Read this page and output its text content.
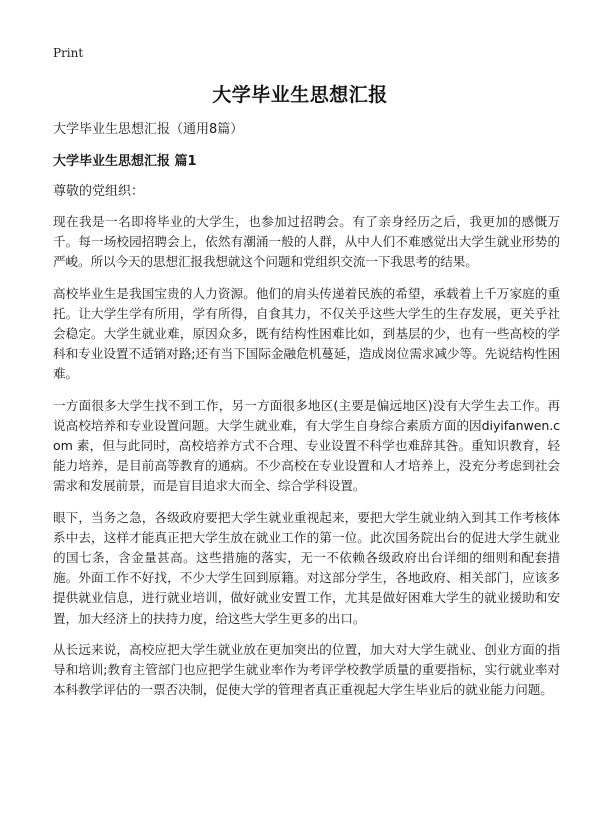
Print
大学毕业生思想汇报

大学毕业生思想汇报（通用8篇）

大学毕业生思想汇报 篇1

尊敬的党组织：

现在我是一名即将毕业的大学生，也参加过招聘会。有了亲身经历之后，我更加的感慨万千。每一场校园招聘会上，依然有潮涌一般的人群，从中人们不难感觉出大学生就业形势的严峻。所以今天的思想汇报我想就这个问题和党组织交流一下我思考的结果。

高校毕业生是我国宝贵的人力资源。他们的肩头传递着民族的希望，承载着上千万家庭的重托。让大学生学有所用，学有所得，自食其力，不仅关乎这些大学生的生存发展，更关乎社会稳定。大学生就业难，原因众多，既有结构性困难比如，到基层的少，也有一些高校的学科和专业设置不适销对路;还有当下国际金融危机蔓延，造成岗位需求减少等。先说结构性困难。

一方面很多大学生找不到工作，另一方面很多地区(主要是偏远地区)没有大学生去工作。再说高校培养和专业设置问题。大学生就业难，有大学生自身综合素质方面的因diyifanwen.com 素，但与此同时，高校培养方式不合理、专业设置不科学也难辞其咎。重知识教育，轻能力培养，是目前高等教育的通病。不少高校在专业设置和人才培养上，没充分考虑到社会需求和发展前景，而是盲目追求大而全、综合学科设置。

眼下，当务之急，各级政府要把大学生就业重视起来，要把大学生就业纳入到其工作考核体系中去，这样才能真正把大学生放在就业工作的第一位。此次国务院出台的促进大学生就业的国七条，含金量甚高。这些措施的落实，无一不依赖各级政府出台详细的细则和配套措施。外面工作不好找，不少大学生回到原籍。对这部分学生，各地政府、相关部门，应该多提供就业信息，进行就业培训，做好就业安置工作，尤其是做好困难大学生的就业援助和安置，加大经济上的扶持力度，给这些大学生更多的出口。

从长远来说，高校应把大学生就业放在更加突出的位置，加大对大学生就业、创业方面的指导和培训;教育主管部门也应把学生就业率作为考评学校教学质量的重要指标，实行就业率对本科教学评估的一票否决制，促使大学的管理者真正重视起大学生毕业后的就业能力问题。
